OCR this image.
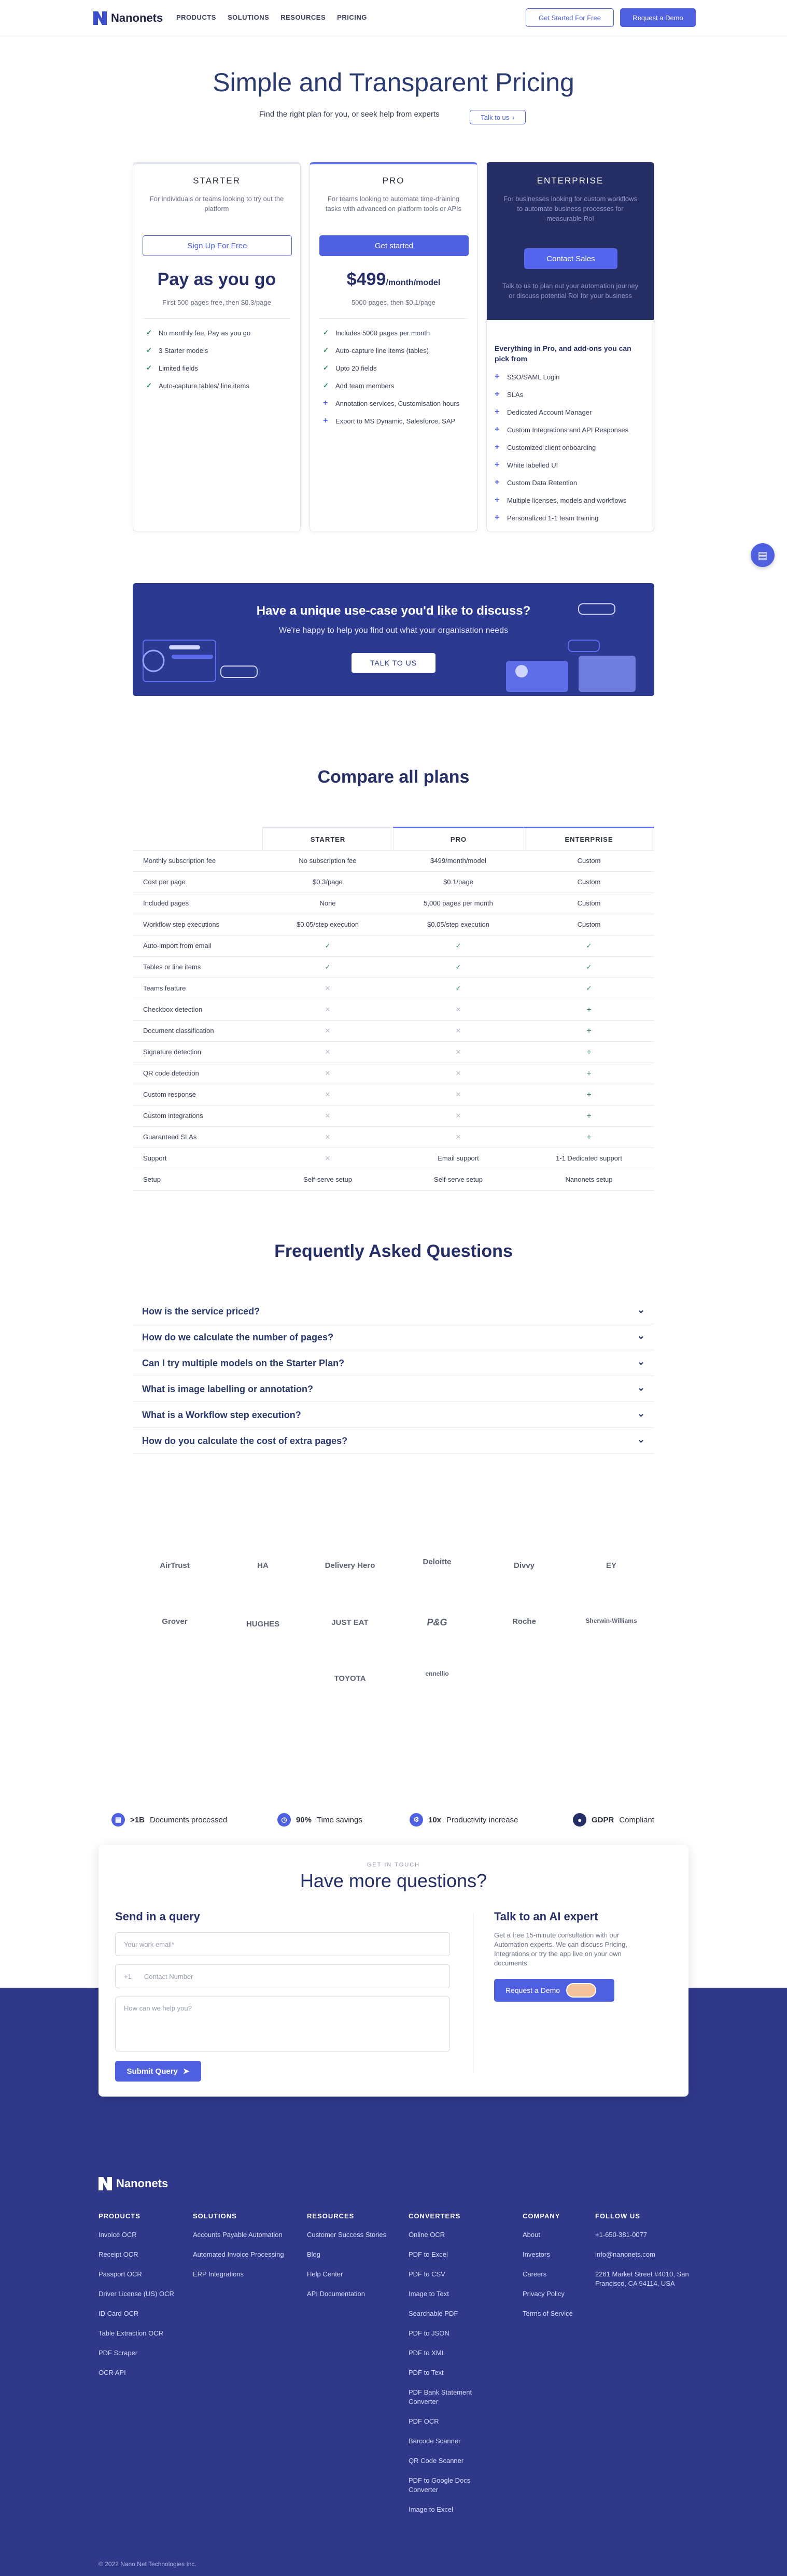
Nanonets PRODUCTS SOLUTIONS RESOURCES PRICING	Get Started For Free	Request a Demo
Simple and Transparent Pricing
Find the right plan for you, or seek help from experts	Talk to us ›
STARTER
For individuals or teams looking to try out the platform
Sign Up For Free
Pay as you go
First 500 pages free, then $0.3/page
✓ No monthly fee, Pay as you go
✓ 3 Starter models
✓ Limited fields
✓ Auto-capture tables/ line items
PRO
For teams looking to automate time-draining tasks with advanced on platform tools or APIs
Get started
$499/month/model
5000 pages, then $0.1/page
✓ Includes 5000 pages per month
✓ Auto-capture line items (tables)
✓ Upto 20 fields
✓ Add team members
+ Annotation services, Customisation hours
+ Export to MS Dynamic, Salesforce, SAP
ENTERPRISE
For businesses looking for custom workflows to automate business processes for measurable RoI
Contact Sales
Talk to us to plan out your automation journey or discuss potential RoI for your business
Everything in Pro, and add-ons you can pick from
+ SSO/SAML Login
+ SLAs
+ Dedicated Account Manager
+ Custom Integrations and API Responses
+ Customized client onboarding
+ White labelled UI
+ Custom Data Retention
+ Multiple licenses, models and workflows
+ Personalized 1-1 team training
▤
Have a unique use-case you'd like to discuss?
We're happy to help you find out what your organisation needs
TALK TO US
Compare all plans
STARTER	PRO	ENTERPRISE
Monthly subscription fee	No subscription fee	$499/month/model	Custom
Cost per page	$0.3/page	$0.1/page	Custom
Included pages	None	5,000 pages per month	Custom
Workflow step executions	$0.05/step execution	$0.05/step execution	Custom
Auto-import from email	✓	✓	✓
Tables or line items	✓	✓	✓
Teams feature	✕	✓	✓
Checkbox detection	✕	✕	+
Document classification	✕	✕	+
Signature detection	✕	✕	+
QR code detection	✕	✕	+
Custom response	✕	✕	+
Custom integrations	✕	✕	+
Guaranteed SLAs	✕	✕	+
Support	✕	Email support	1-1 Dedicated support
Setup	Self-serve setup	Self-serve setup	Nanonets setup
Frequently Asked Questions
How is the service priced?	⌄
How do we calculate the number of pages?	⌄
Can I try multiple models on the Starter Plan?	⌄
What is image labelling or annotation?	⌄
What is a Workflow step execution?	⌄
How do you calculate the cost of extra pages?	⌄
AirTrust	HA	Delivery Hero	Deloitte	Divvy	EY
Grover	HUGHES	JUST EAT	P&G	Roche	Sherwin-Williams
TOYOTA
ennellio
▤	>1B Documents processed	◷	90% Time savings	⚙	10x Productivity increase	●	GDPR Compliant
GET IN TOUCH
Have more questions?
Send in a query
Your work email*
+1 Contact Number
How can we help you?
Submit Query ➤
Talk to an AI expert
Get a free 15-minute consultation with our Automation experts. We can discuss Pricing, Integrations or try the app live on your own documents.
Request a Demo
Nanonets
PRODUCTS
Invoice OCR
Receipt OCR
Passport OCR
Driver License (US) OCR
ID Card OCR
Table Extraction OCR
PDF Scraper
OCR API
SOLUTIONS
Accounts Payable Automation
Automated Invoice Processing
ERP Integrations
RESOURCES
Customer Success Stories
Blog
Help Center
API Documentation
CONVERTERS
Online OCR
PDF to Excel
PDF to CSV
Image to Text
Searchable PDF
PDF to JSON
PDF to XML
PDF to Text
PDF Bank Statement Converter
PDF OCR
Barcode Scanner
QR Code Scanner
PDF to Google Docs Converter
Image to Excel
COMPANY
About
Investors
Careers
Privacy Policy
Terms of Service
FOLLOW US
+1-650-381-0077
info@nanonets.com
2261 Market Street #4010, San Francisco, CA 94114, USA
© 2022 Nano Net Technologies Inc.
